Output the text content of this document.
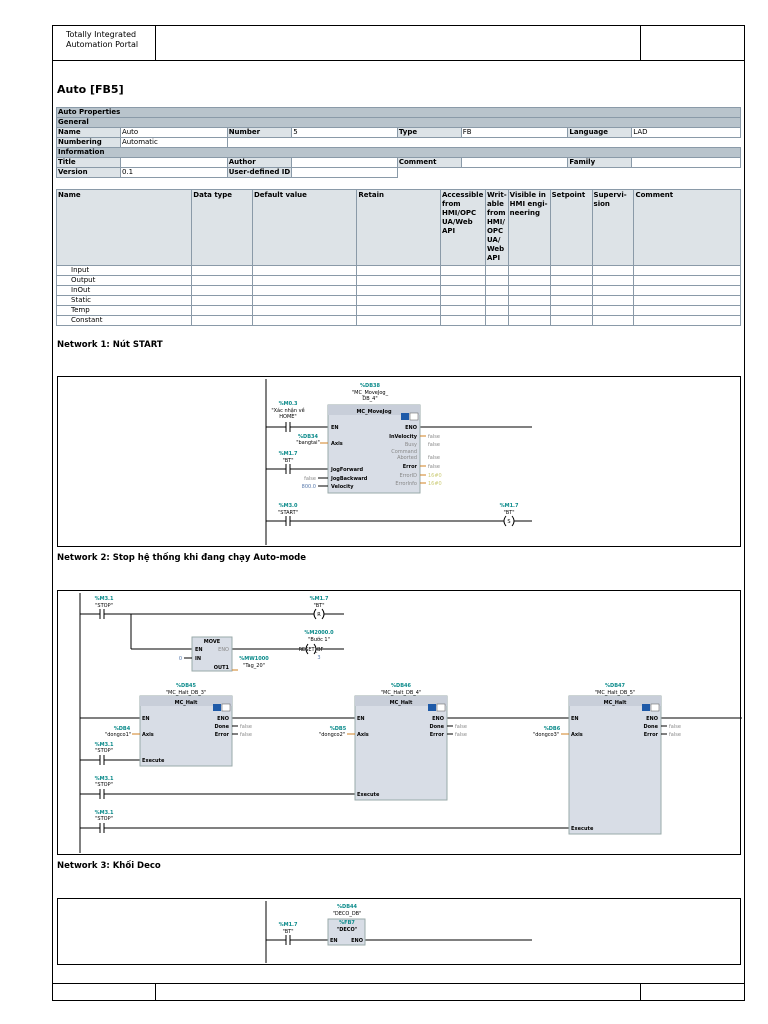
Totally Integrated
Automation Portal
Auto [FB5]
Auto Properties							
General							
Name	Auto	Number	5	Type	FB	Language	LAD
Numbering	Automatic						
Information							
Title		Author		Comment		Family	
Version	0.1	User-defined ID					
Name	Data type	Default value	Retain	Accessible from HMI/OPC UA/Web API	Writ-able from HMI/ OPC UA/ Web API	Visible in HMI engi-neering	Setpoint	Supervi-sion	Comment
Input									
Output									
InOut									
Static									
Temp									
Constant									
Network 1: Nút START
Network 2: Stop hệ thống khi đang chạy Auto-mode
Network 3: Khối Deco
MC_MoveJog
%DB38
"MC_MoveJog_
DB_4"
%M0.3
"Xác nhận về
HOME"
%DB34
"bangtai"
%M1.7
"BT"
false
800.0
EN
Axis
JogForward
JogBackward
Velocity
ENO
InVelocity
Busy
Command
Aborted
Error
ErrorID
ErrorInfo
false
false
false
false
16#0
16#0
%M3.0
"START"
%M1.7
"BT"
S
%M3.1
"STOP"
%M1.7
"BT"
R
%M2000.0
"Bước 1"
RESET_BF
3
MOVE
EN
IN
ENO
OUT1
0	%MW1000
"Tag_20"
%DB45
"MC_Halt_DB_3"
MC_Halt
EN
Axis
Execute
ENO
Done
Error
false
false
%DB4
"dongco1"
%M3.1
"STOP"
%DB46
"MC_Halt_DB_4"
MC_Halt
EN
Axis
Execute
ENO
Done
Error
false
false
%DB5
"dongco2"
%M3.1
"STOP"
%DB47
"MC_Halt_DB_5"
MC_Halt
EN
Axis
Execute
ENO
Done
Error
false
false
%DB6
"dongco3"
%M3.1
"STOP"
%DB44
"DECO_DB"
%FB7
"DECO"
EN	ENO
%M1.7
"BT"
